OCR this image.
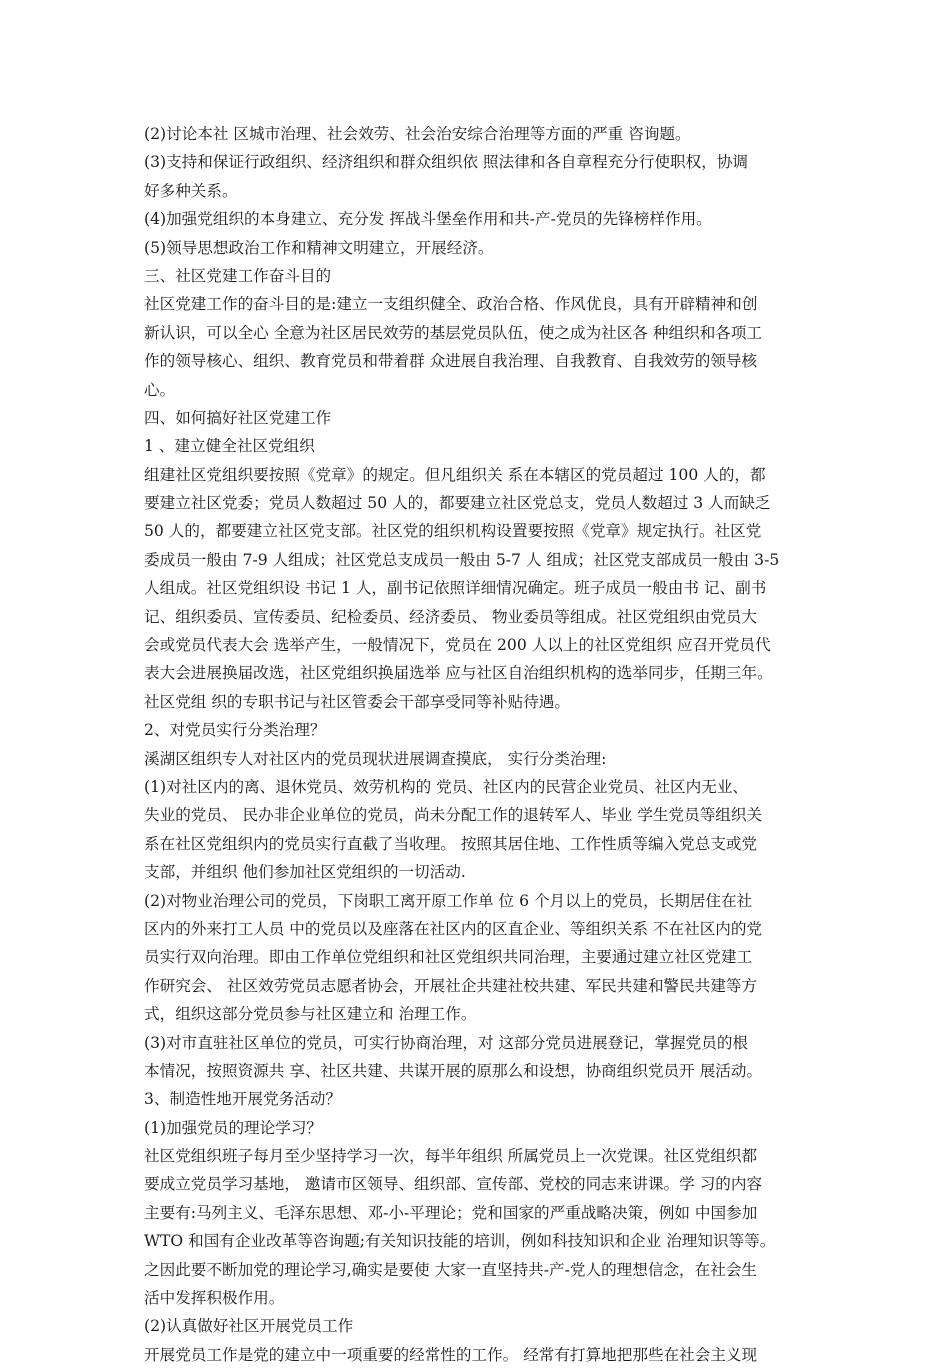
(2)讨论本社 区城市治理、社会效劳、社会治安综合治理等方面的严重 咨询题。
(3)支持和保证行政组织、经济组织和群众组织依 照法律和各自章程充分行使职权，协调
好多种关系。
(4)加强党组织的本身建立、充分发 挥战斗堡垒作用和共-产-党员的先锋榜样作用。
(5)领导思想政治工作和精神文明建立，开展经济。
三、社区党建工作奋斗目的
社区党建工作的奋斗目的是:建立一支组织健全、政治合格、作风优良，具有开辟精神和创
新认识，可以全心 全意为社区居民效劳的基层党员队伍，使之成为社区各 种组织和各项工
作的领导核心、组织、教育党员和带着群 众进展自我治理、自我教育、自我效劳的领导核
心。
四、如何搞好社区党建工作
1 、建立健全社区党组织
组建社区党组织要按照《党章》的规定。但凡组织关 系在本辖区的党员超过 100 人的，都
要建立社区党委；党员人数超过 50 人的，都要建立社区党总支，党员人数超过 3 人而缺乏
50 人的，都要建立社区党支部。社区党的组织机构设置要按照《党章》规定执行。社区党
委成员一般由 7-9 人组成；社区党总支成员一般由 5-7 人 组成；社区党支部成员一般由 3-5
人组成。社区党组织设 书记 1 人，副书记依照详细情况确定。班子成员一般由书 记、副书
记、组织委员、宣传委员、纪检委员、经济委员、 物业委员等组成。社区党组织由党员大
会或党员代表大会 选举产生，一般情况下，党员在 200 人以上的社区党组织 应召开党员代
表大会进展换届改选，社区党组织换届选举 应与社区自治组织机构的选举同步，任期三年。
社区党组 织的专职书记与社区管委会干部享受同等补贴待遇。
2、对党员实行分类治理？
溪湖区组织专人对社区内的党员现状进展调查摸底， 实行分类治理:
(1)对社区内的离、退休党员、效劳机构的 党员、社区内的民营企业党员、社区内无业、
失业的党员、 民办非企业单位的党员，尚未分配工作的退转军人、毕业 学生党员等组织关
系在社区党组织内的党员实行直截了当收理。 按照其居住地、工作性质等编入党总支或党
支部，并组织 他们参加社区党组织的一切活动.
(2)对物业治理公司的党员，下岗职工离开原工作单 位 6 个月以上的党员，长期居住在社
区内的外来打工人员 中的党员以及座落在社区内的区直企业、等组织关系 不在社区内的党
员实行双向治理。即由工作单位党组织和社区党组织共同治理，主要通过建立社区党建工
作研究会、 社区效劳党员志愿者协会，开展社企共建社校共建、军民共建和警民共建等方
式，组织这部分党员参与社区建立和 治理工作。
(3)对市直驻社区单位的党员，可实行协商治理，对 这部分党员进展登记，掌握党员的根
本情况，按照资源共 享、社区共建、共谋开展的原那么和设想，协商组织党员开 展活动。
3、制造性地开展党务活动？
(1)加强党员的理论学习？
社区党组织班子每月至少坚持学习一次，每半年组织 所属党员上一次党课。社区党组织都
要成立党员学习基地， 邀请市区领导、组织部、宣传部、党校的同志来讲课。学 习的内容
主要有:马列主义、毛泽东思想、邓-小-平理论；党和国家的严重战略决策，例如 中国参加
WTO 和国有企业改革等咨询题;有关知识技能的培训，例如科技知识和企业 治理知识等等。
之因此要不断加党的理论学习,确实是要使 大家一直坚持共-产-党人的理想信念，在社会生
活中发挥积极作用。
(2)认真做好社区开展党员工作
开展党员工作是党的建立中一项重要的经常性的工作。 经常有打算地把那些在社会主义现
